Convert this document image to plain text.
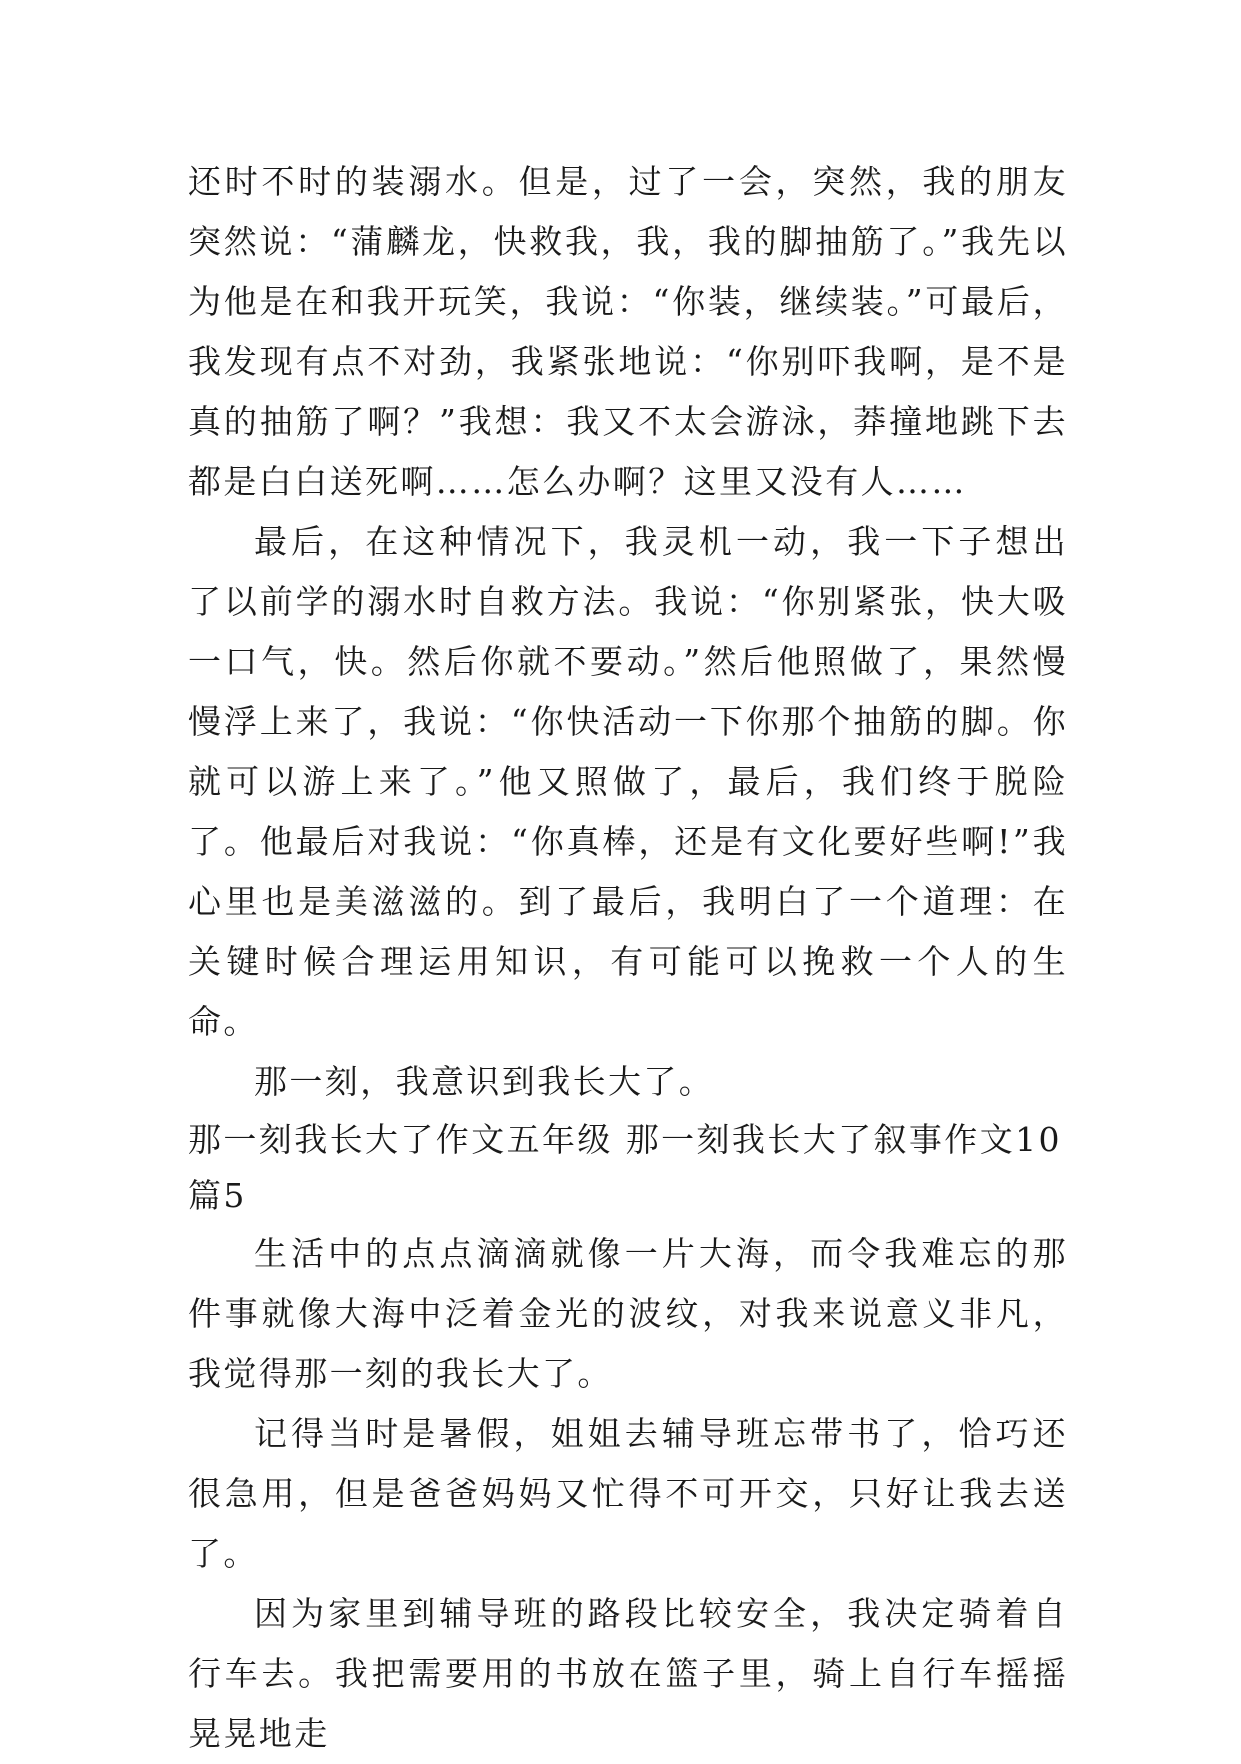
还时不时的装溺水。但是，过了一会，突然，我的朋友突然说：“蒲麟龙，快救我，我，我的脚抽筋了。”我先以为他是在和我开玩笑，我说：“你装，继续装。”可最后，我发现有点不对劲，我紧张地说：“你别吓我啊，是不是真的抽筋了啊？”我想：我又不太会游泳，莽撞地跳下去都是白白送死啊……怎么办啊？这里又没有人……

最后，在这种情况下，我灵机一动，我一下子想出了以前学的溺水时自救方法。我说：“你别紧张，快大吸一口气，快。然后你就不要动。”然后他照做了，果然慢慢浮上来了，我说：“你快活动一下你那个抽筋的脚。你就可以游上来了。”他又照做了，最后，我们终于脱险了。他最后对我说：“你真棒，还是有文化要好些啊!”我心里也是美滋滋的。到了最后，我明白了一个道理：在关键时候合理运用知识，有可能可以挽救一个人的生命。

那一刻，我意识到我长大了。

那一刻我长大了作文五年级 那一刻我长大了叙事作文10篇5

生活中的点点滴滴就像一片大海，而令我难忘的那件事就像大海中泛着金光的波纹，对我来说意义非凡，我觉得那一刻的我长大了。

记得当时是暑假，姐姐去辅导班忘带书了，恰巧还很急用，但是爸爸妈妈又忙得不可开交，只好让我去送了。

因为家里到辅导班的路段比较安全，我决定骑着自行车去。我把需要用的书放在篮子里，骑上自行车摇摇晃晃地走
